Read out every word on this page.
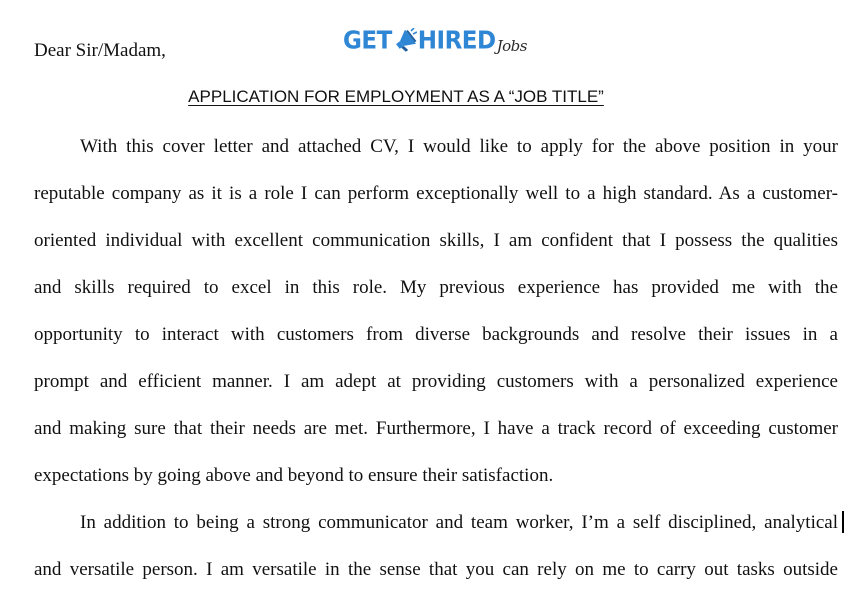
Dear Sir/Madam,	GET HIRED Jobs
APPLICATION FOR EMPLOYMENT AS A “JOB TITLE”
With this cover letter and attached CV, I would like to apply for the above position in your
reputable company as it is a role I can perform exceptionally well to a high standard. As a customer-
oriented individual with excellent communication skills, I am confident that I possess the qualities
and skills required to excel in this role. My previous experience has provided me with the
opportunity to interact with customers from diverse backgrounds and resolve their issues in a
prompt and efficient manner. I am adept at providing customers with a personalized experience
and making sure that their needs are met. Furthermore, I have a track record of exceeding customer
expectations by going above and beyond to ensure their satisfaction.
In addition to being a strong communicator and team worker, I’m a self disciplined, analytical
and versatile person. I am versatile in the sense that you can rely on me to carry out tasks outside
